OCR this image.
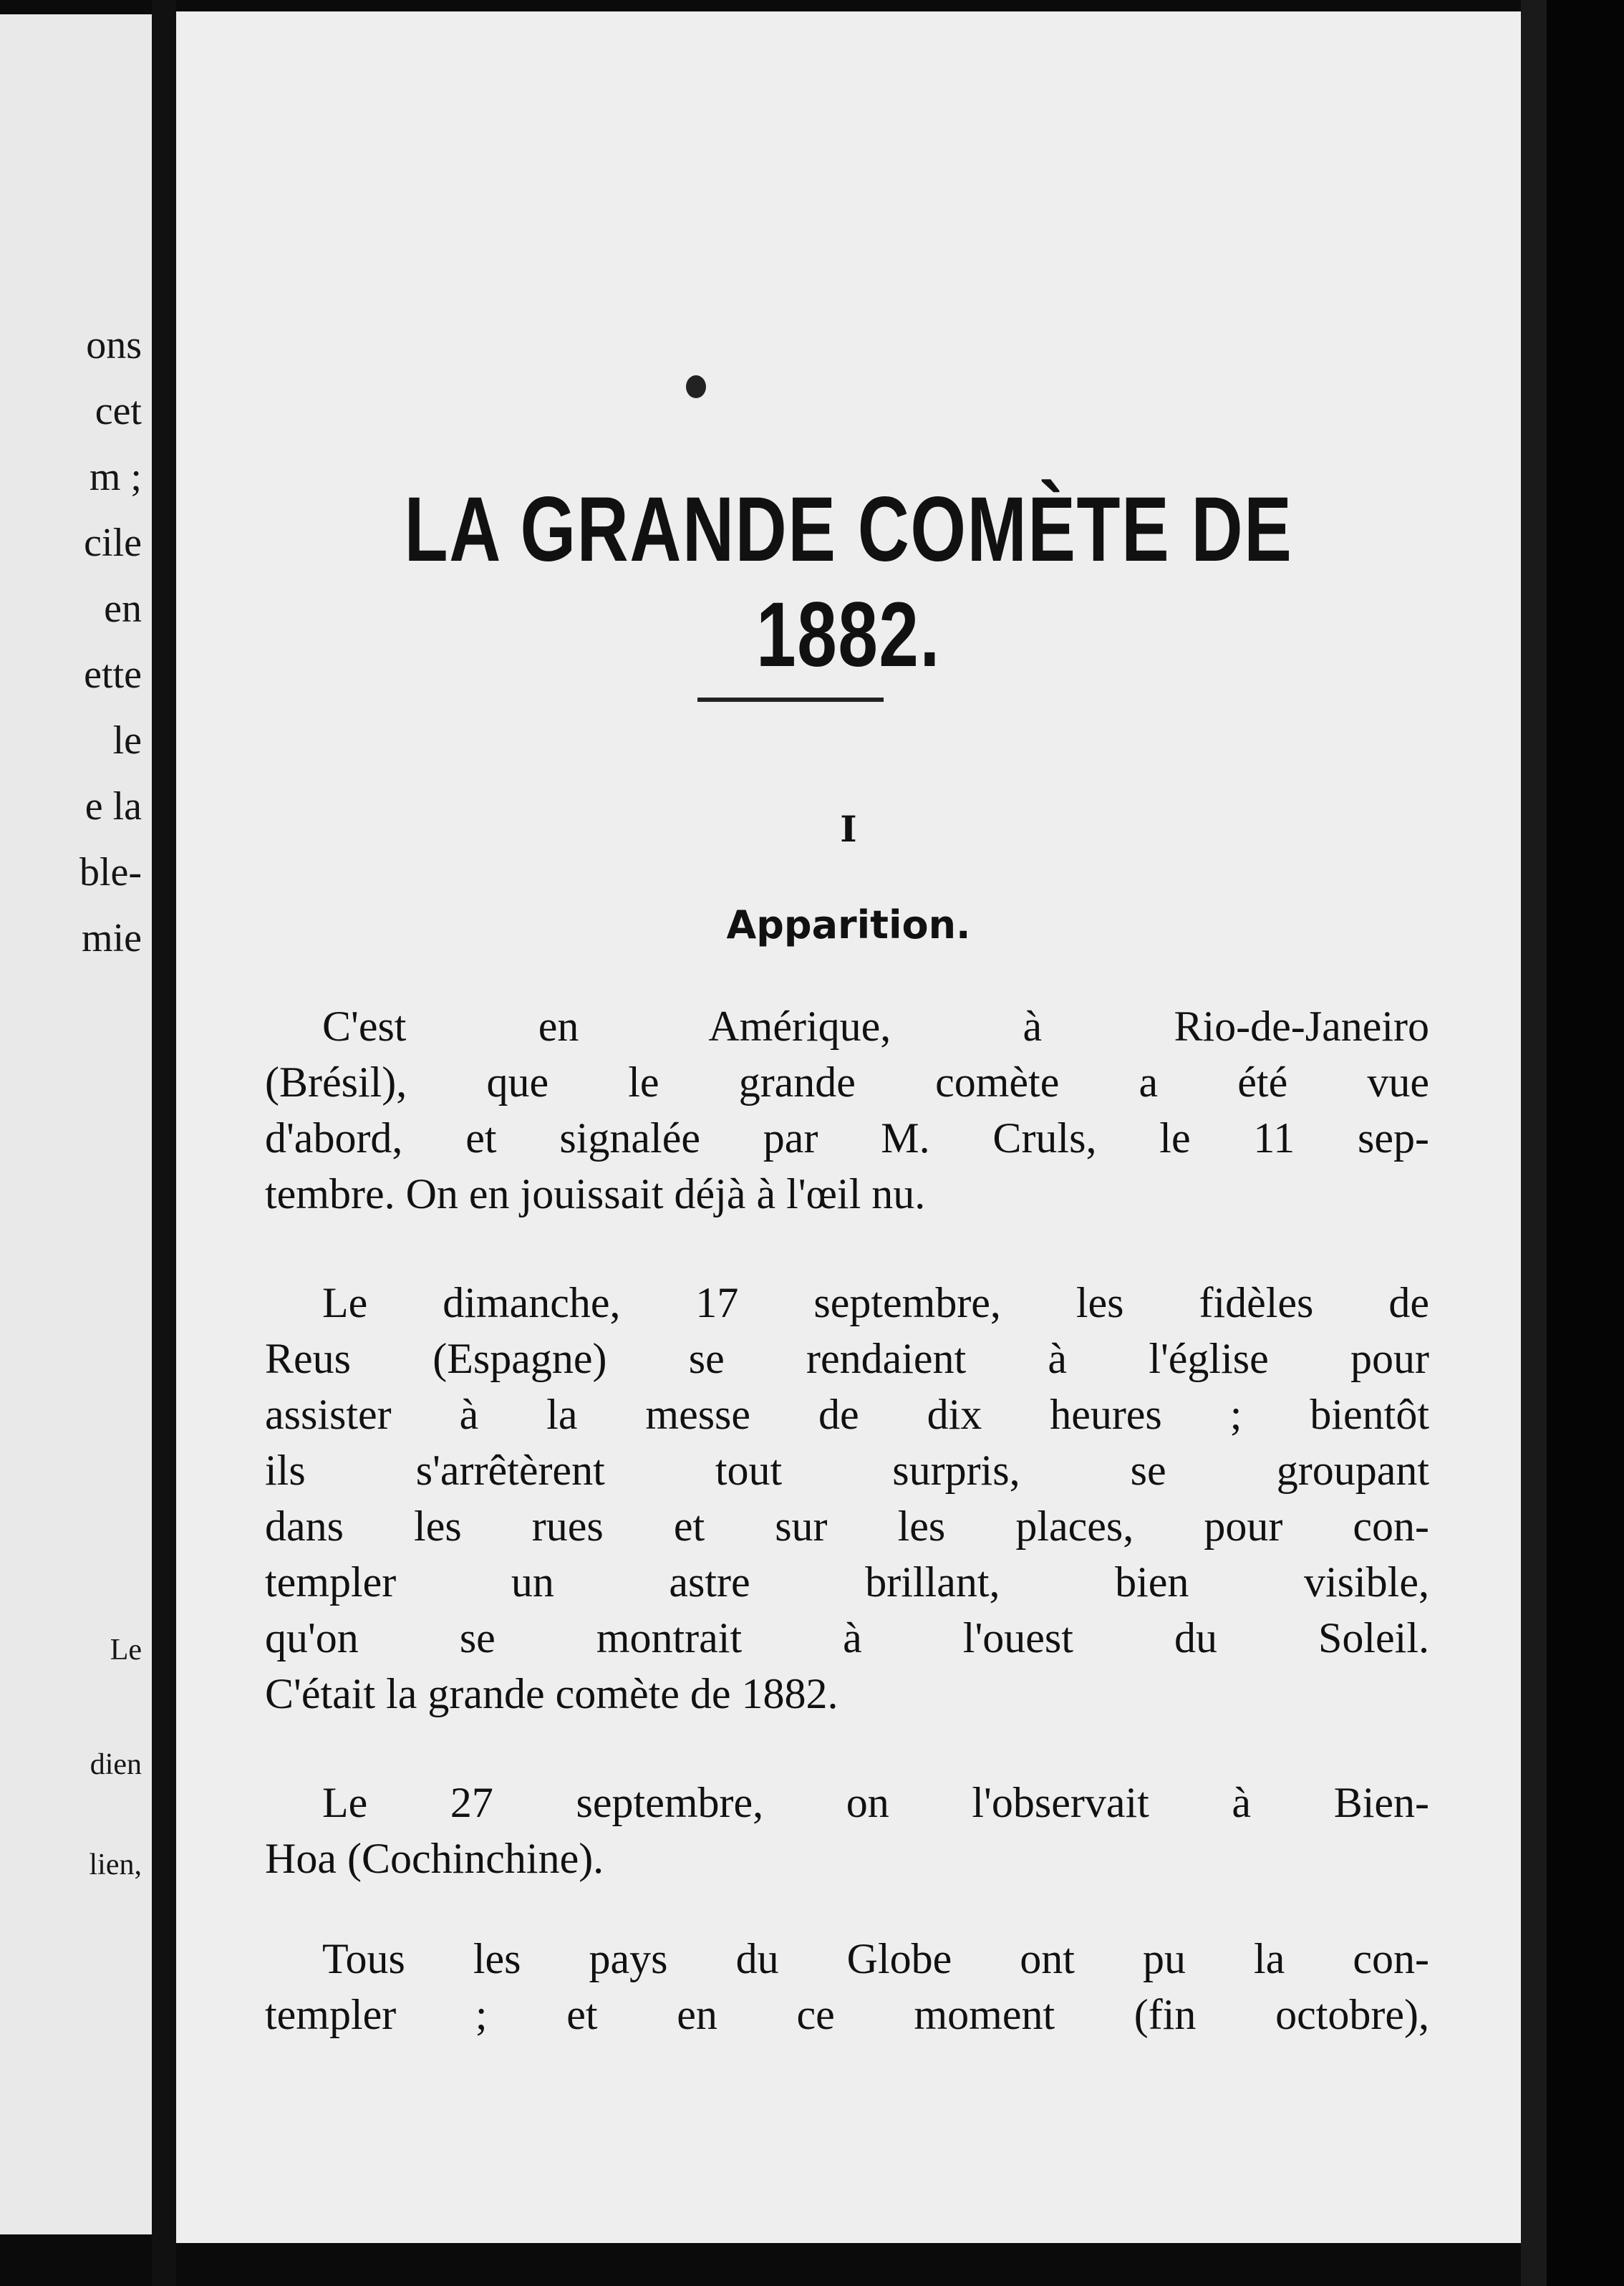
ons
cet
m ;
cile
en
ette
le
e la
ble-
mie
Le
dien
lien,
LA GRANDE COMÈTE DE 1882.
I
Apparition.
C'est en Amérique, à Rio-de-Janeiro
(Brésil), que le grande comète a été vue
d'abord, et signalée par M. Cruls, le 11 sep-
tembre. On en jouissait déjà à l'œil nu.
Le dimanche, 17 septembre, les fidèles de
Reus (Espagne) se rendaient à l'église pour
assister à la messe de dix heures ; bientôt
ils s'arrêtèrent tout surpris, se groupant
dans les rues et sur les places, pour con-
templer un astre brillant, bien visible,
qu'on se montrait à l'ouest du Soleil.
C'était la grande comète de 1882.
Le 27 septembre, on l'observait à Bien-
Hoa (Cochinchine).
Tous les pays du Globe ont pu la con-
templer ; et en ce moment (fin octobre),
